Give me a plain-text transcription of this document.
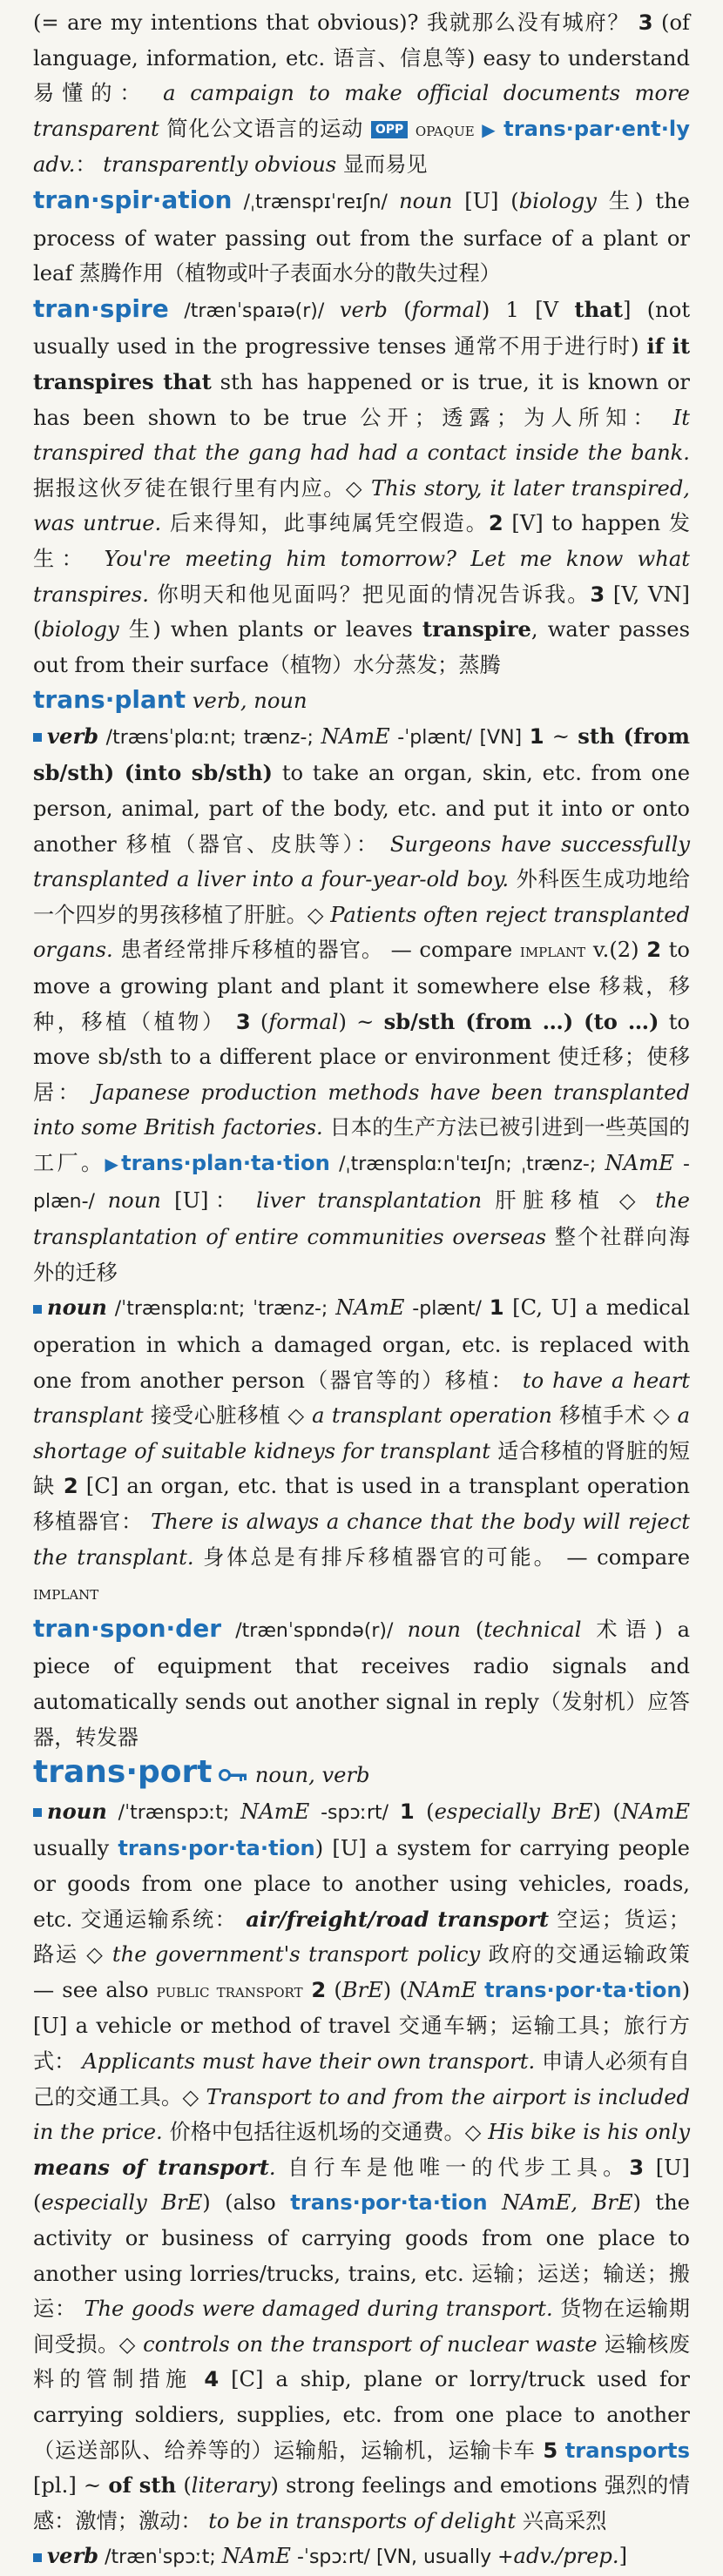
(= are my intentions that obvious)? 我就那么没有城府？ 3 (of language, information, etc. 语言、信息等) easy to understand 易懂的： a campaign to make official documents more transparent 简化公文语言的运动 OPP opaque ▶ trans·par·ent·ly adv.： transparently obvious 显而易见

tran·spir·ation /ˌtrænspɪˈreɪʃn/ noun [U] (biology 生) the process of water passing out from the surface of a plant or leaf 蒸腾作用（植物或叶子表面水分的散失过程）

tran·spire /trænˈspaɪə(r)/ verb (formal) 1 [V that] (not usually used in the progressive tenses 通常不用于进行时) if it transpires that sth has happened or is true, it is known or has been shown to be true 公开；透露；为人所知： It transpired that the gang had had a contact inside the bank. 据报这伙歹徒在银行里有内应。◇ This story, it later transpired, was untrue. 后来得知，此事纯属凭空假造。2 [V] to happen 发生： You're meeting him tomorrow? Let me know what transpires. 你明天和他见面吗？把见面的情况告诉我。3 [V, VN] (biology 生) when plants or leaves transpire, water passes out from their surface（植物）水分蒸发；蒸腾

trans·plant verb, noun

verb /trænsˈplɑːnt; trænz-; NAmE -ˈplænt/ [VN] 1 ~ sth (from sb/sth) (into sb/sth) to take an organ, skin, etc. from one person, animal, part of the body, etc. and put it into or onto another 移植（器官、皮肤等）： Surgeons have successfully transplanted a liver into a four-year-old boy. 外科医生成功地给一个四岁的男孩移植了肝脏。◇ Patients often reject transplanted organs. 患者经常排斥移植的器官。 — compare implant v.(2) 2 to move a growing plant and plant it somewhere else 移栽，移种，移植（植物） 3 (formal) ~ sb/sth (from …) (to …) to move sb/sth to a different place or environment 使迁移；使移居： Japanese production methods have been transplanted into some British factories. 日本的生产方法已被引进到一些英国的工厂。▶trans·plan·ta·tion /ˌtrænsplɑːnˈteɪʃn; ˌtrænz-; NAmE -plæn-/ noun [U]： liver transplantation 肝脏移植 ◇ the transplantation of entire communities overseas 整个社群向海外的迁移

noun /ˈtrænsplɑːnt; ˈtrænz-; NAmE -plænt/ 1 [C, U] a medical operation in which a damaged organ, etc. is replaced with one from another person（器官等的）移植： to have a heart transplant 接受心脏移植 ◇ a transplant operation 移植手术 ◇ a shortage of suitable kidneys for transplant 适合移植的肾脏的短缺 2 [C] an organ, etc. that is used in a transplant operation 移植器官： There is always a chance that the body will reject the transplant. 身体总是有排斥移植器官的可能。 — compare implant

tran·spon·der /trænˈspɒndə(r)/ noun (technical 术语) a piece of equipment that receives radio signals and automatically sends out another signal in reply（发射机）应答器，转发器

trans·port  noun, verb

noun /ˈtrænspɔːt; NAmE -spɔːrt/ 1 (especially BrE) (NAmE usually trans·por·ta·tion) [U] a system for carrying people or goods from one place to another using vehicles, roads, etc. 交通运输系统： air/freight/road transport 空运；货运；路运 ◇ the government's transport policy 政府的交通运输政策 — see also public transport 2 (BrE) (NAmE trans·por·ta·tion) [U] a vehicle or method of travel 交通车辆；运输工具；旅行方式： Applicants must have their own transport. 申请人必须有自己的交通工具。◇ Transport to and from the airport is included in the price. 价格中包括往返机场的交通费。◇ His bike is his only means of transport. 自行车是他唯一的代步工具。3 [U] (especially BrE) (also trans·por·ta·tion NAmE, BrE) the activity or business of carrying goods from one place to another using lorries/trucks, trains, etc. 运输；运送；输送；搬运： The goods were damaged during transport. 货物在运输期间受损。◇ controls on the transport of nuclear waste 运输核废料的管制措施 4 [C] a ship, plane or lorry/truck used for carrying soldiers, supplies, etc. from one place to another（运送部队、给养等的）运输船，运输机，运输卡车 5 transports [pl.] ~ of sth (literary) strong feelings and emotions 强烈的情感：激情；激动： to be in transports of delight 兴高采烈

verb /trænˈspɔːt; NAmE -ˈspɔːrt/ [VN, usually +adv./prep.]
